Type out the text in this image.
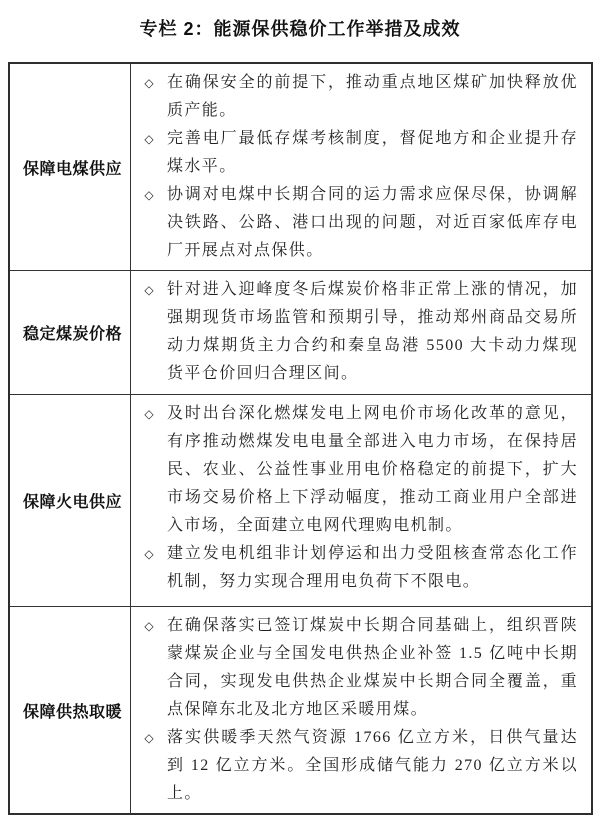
专栏 2：能源保供稳价工作举措及成效
保障电煤供应
◇ 在确保安全的前提下，推动重点地区煤矿加快释放优质产能。
◇ 完善电厂最低存煤考核制度，督促地方和企业提升存煤水平。
◇ 协调对电煤中长期合同的运力需求应保尽保，协调解决铁路、公路、港口出现的问题，对近百家低库存电厂开展点对点保供。
稳定煤炭价格
◇ 针对进入迎峰度冬后煤炭价格非正常上涨的情况，加强期现货市场监管和预期引导，推动郑州商品交易所动力煤期货主力合约和秦皇岛港 5500 大卡动力煤现货平仓价回归合理区间。
保障火电供应
◇ 及时出台深化燃煤发电上网电价市场化改革的意见，有序推动燃煤发电电量全部进入电力市场，在保持居民、农业、公益性事业用电价格稳定的前提下，扩大市场交易价格上下浮动幅度，推动工商业用户全部进入市场，全面建立电网代理购电机制。
◇ 建立发电机组非计划停运和出力受阻核查常态化工作机制，努力实现合理用电负荷下不限电。
保障供热取暖
◇ 在确保落实已签订煤炭中长期合同基础上，组织晋陕蒙煤炭企业与全国发电供热企业补签 1.5 亿吨中长期合同，实现发电供热企业煤炭中长期合同全覆盖，重点保障东北及北方地区采暖用煤。
◇ 落实供暖季天然气资源 1766 亿立方米，日供气量达到 12 亿立方米。全国形成储气能力 270 亿立方米以上。
